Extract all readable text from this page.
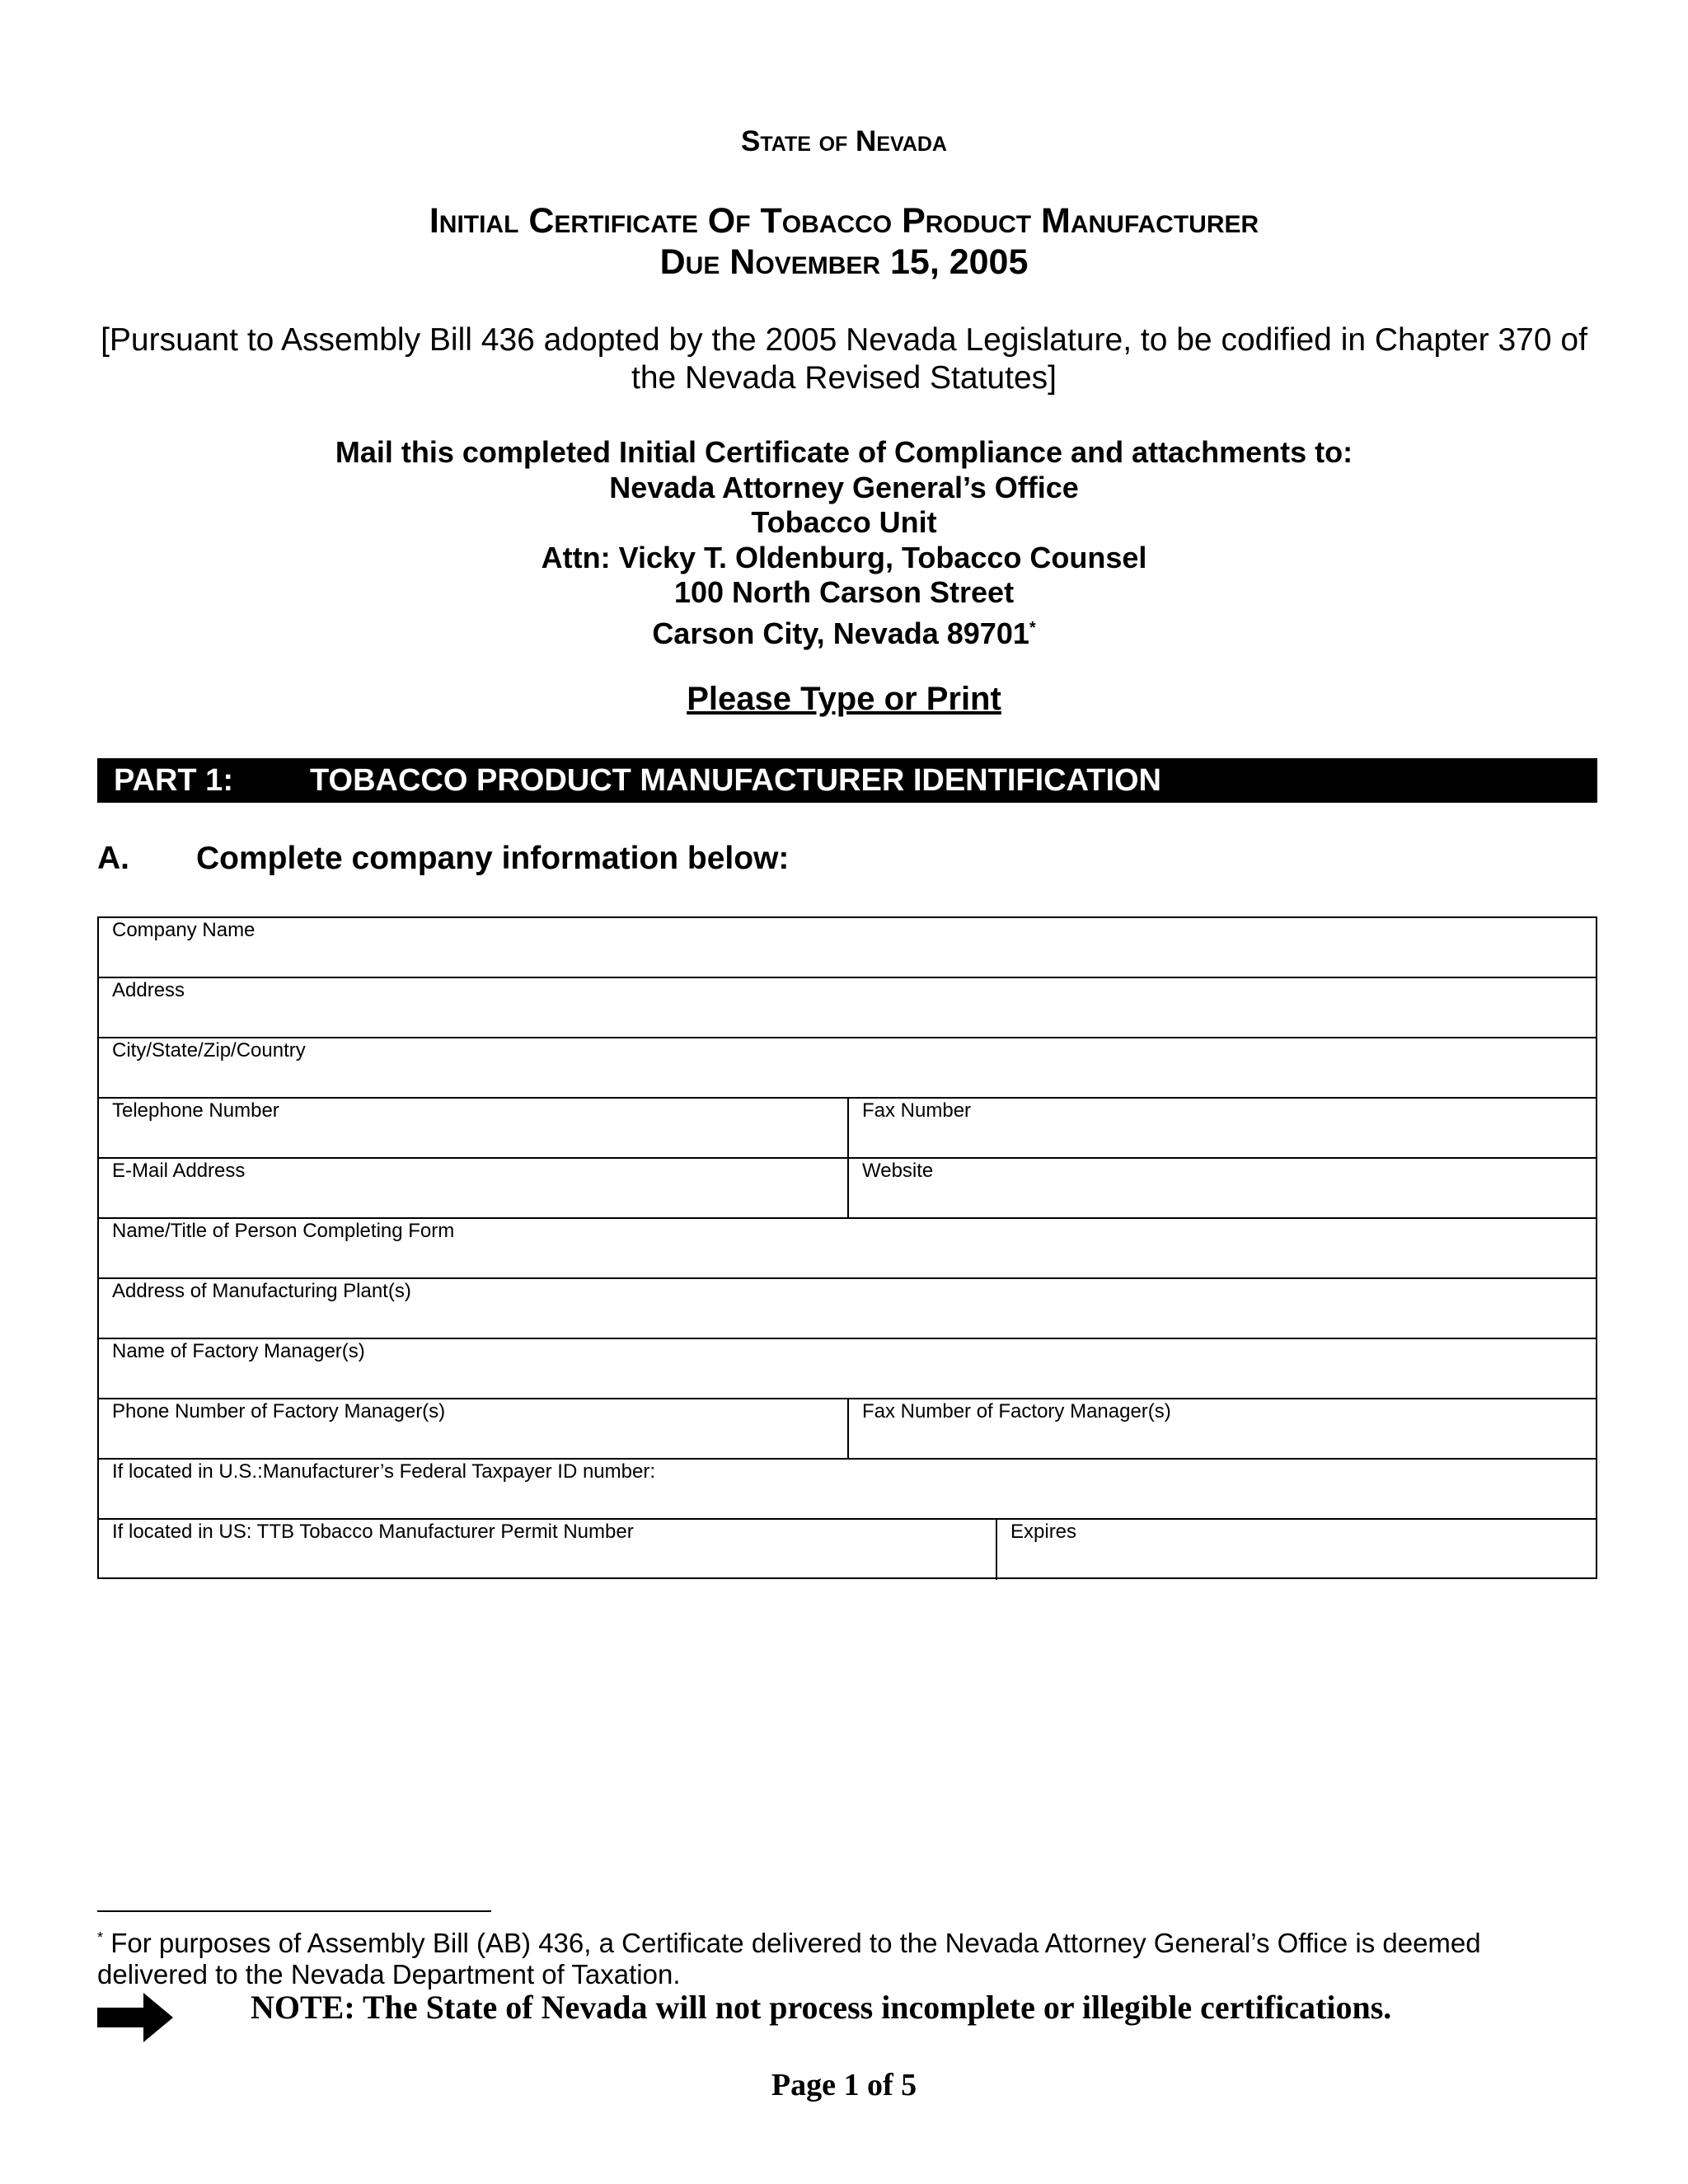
State of Nevada
Initial Certificate Of Tobacco Product Manufacturer
Due November 15, 2005
[Pursuant to Assembly Bill 436 adopted by the 2005 Nevada Legislature, to be codified in Chapter 370 of the Nevada Revised Statutes]
Mail this completed Initial Certificate of Compliance and attachments to:
Nevada Attorney General’s Office
Tobacco Unit
Attn: Vicky T. Oldenburg, Tobacco Counsel
100 North Carson Street
Carson City, Nevada 89701*
Please Type or Print
PART 1: TOBACCO PRODUCT MANUFACTURER IDENTIFICATION
A. Complete company information below:
Company Name
Address
City/State/Zip/Country
Telephone Number	Fax Number
E-Mail Address	Website
Name/Title of Person Completing Form
Address of Manufacturing Plant(s)
Name of Factory Manager(s)
Phone Number of Factory Manager(s)	Fax Number of Factory Manager(s)
If located in U.S.:Manufacturer’s Federal Taxpayer ID number:
If located in US: TTB Tobacco Manufacturer Permit Number	Expires
* For purposes of Assembly Bill (AB) 436, a Certificate delivered to the Nevada Attorney General’s Office is deemed delivered to the Nevada Department of Taxation.
NOTE: The State of Nevada will not process incomplete or illegible certifications.
Page 1 of 5
